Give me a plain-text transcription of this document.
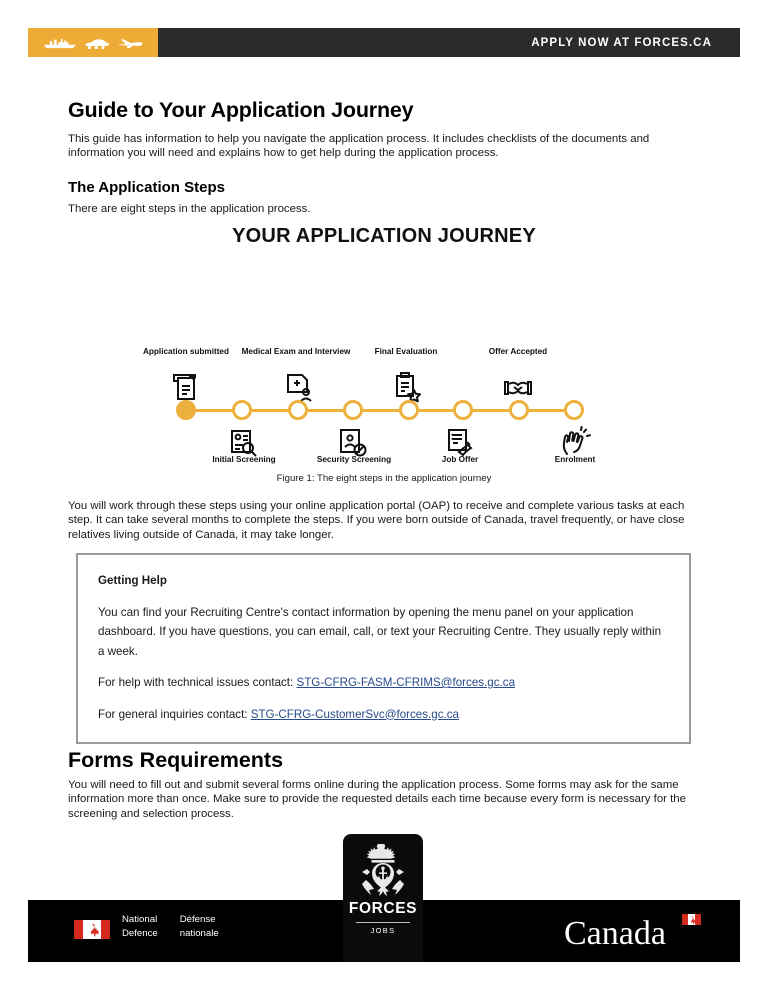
APPLY NOW AT FORCES.CA
Guide to Your Application Journey

This guide has information to help you navigate the application process. It includes checklists of the documents and information you will need and explains how to get help during the application process.

The Application Steps

There are eight steps in the application process.

YOUR APPLICATION JOURNEY

Application submitted
Initial Screening
Medical Exam and Interview
Security Screening
Final Evaluation
Job Offer
Offer Accepted
Enrolment

Figure 1: The eight steps in the application journey

You will work through these steps using your online application portal (OAP) to receive and complete various tasks at each step. It can take several months to complete the steps. If you were born outside of Canada, travel frequently, or have close relatives living outside of Canada, it may take longer.

Getting Help

You can find your Recruiting Centre's contact information by opening the menu panel on your application dashboard. If you have questions, you can email, call, or text your Recruiting Centre. They usually reply within a week.

For help with technical issues contact: STG-CFRG-FASM-CFRIMS@forces.gc.ca

For general inquiries contact: STG-CFRG-CustomerSvc@forces.gc.ca

Forms Requirements

You will need to fill out and submit several forms online during the application process. Some forms may ask for the same information more than once. Make sure to provide the requested details each time because every form is necessary for the screening and selection process.

National
Defence
Défense
nationale	Canada
FORCES
JOBS
